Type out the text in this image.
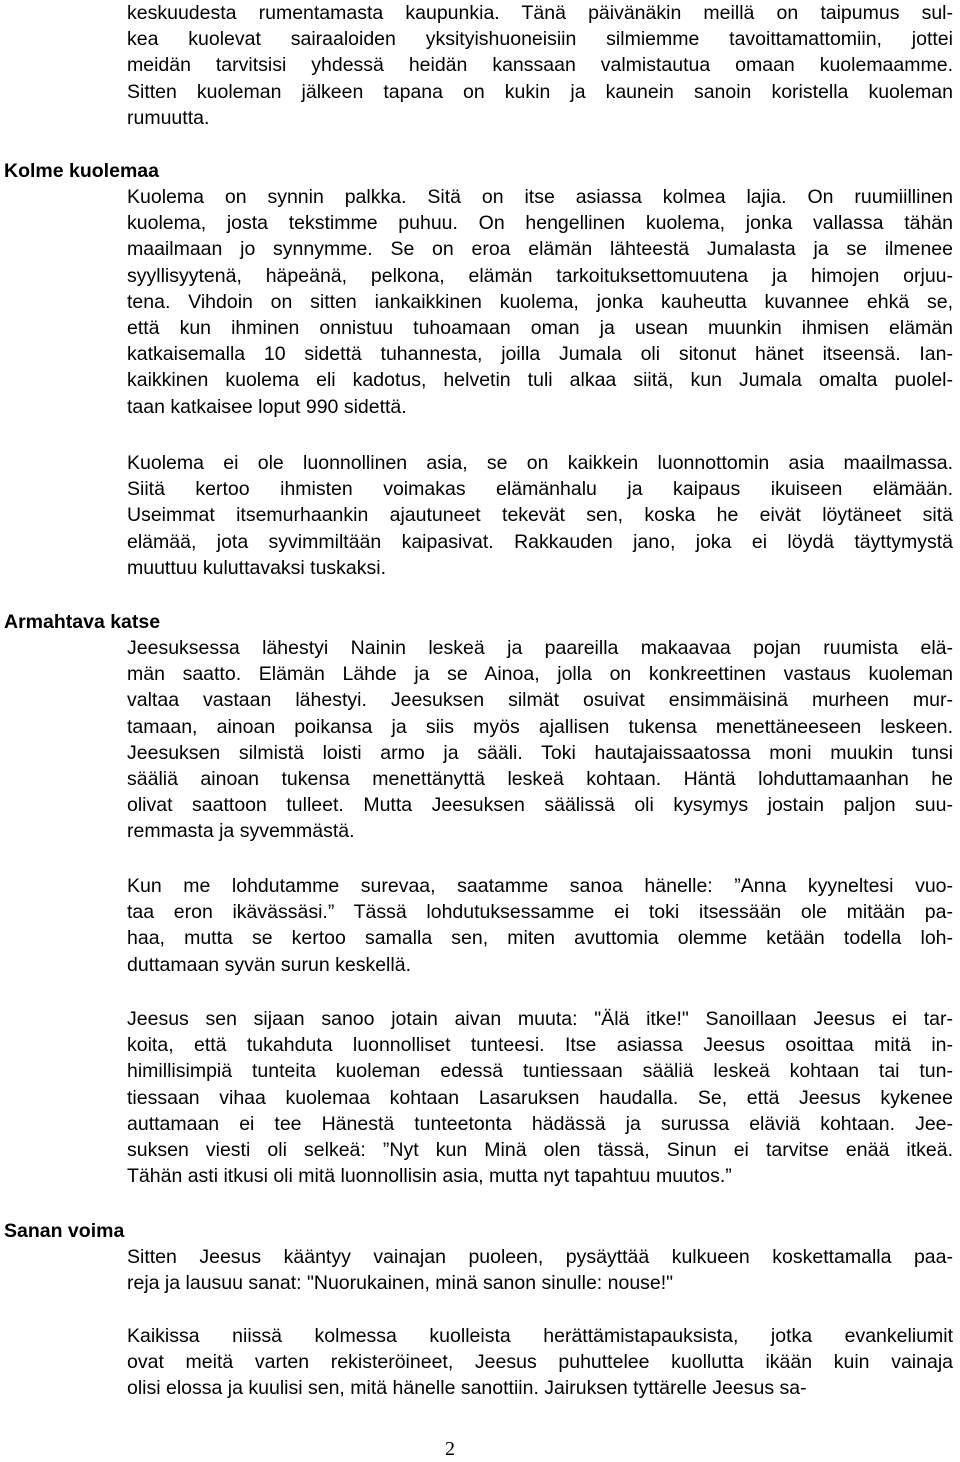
keskuudesta rumentamasta kaupunkia. Tänä päivänäkin meillä on taipumus sul-
kea kuolevat sairaaloiden yksityishuoneisiin silmiemme tavoittamattomiin, jottei
meidän tarvitsisi yhdessä heidän kanssaan valmistautua omaan kuolemaamme.
Sitten kuoleman jälkeen tapana on kukin ja kaunein sanoin koristella kuoleman
rumuutta.
Kolme kuolemaa
Kuolema on synnin palkka. Sitä on itse asiassa kolmea lajia. On ruumiillinen
kuolema, josta tekstimme puhuu. On hengellinen kuolema, jonka vallassa tähän
maailmaan jo synnymme. Se on eroa elämän lähteestä Jumalasta ja se ilmenee
syyllisyytenä, häpeänä, pelkona, elämän tarkoituksettomuutena ja himojen orjuu-
tena. Vihdoin on sitten iankaikkinen kuolema, jonka kauheutta kuvannee ehkä se,
että kun ihminen onnistuu tuhoamaan oman ja usean muunkin ihmisen elämän
katkaisemalla 10 sidettä tuhannesta, joilla Jumala oli sitonut hänet itseensä. Ian-
kaikkinen kuolema eli kadotus, helvetin tuli alkaa siitä, kun Jumala omalta puolel-
taan katkaisee loput 990 sidettä.
Kuolema ei ole luonnollinen asia, se on kaikkein luonnottomin asia maailmassa.
Siitä kertoo ihmisten voimakas elämänhalu ja kaipaus ikuiseen elämään.
Useimmat itsemurhaankin ajautuneet tekevät sen, koska he eivät löytäneet sitä
elämää, jota syvimmiltään kaipasivat. Rakkauden jano, joka ei löydä täyttymystä
muuttuu kuluttavaksi tuskaksi.
Armahtava katse
Jeesuksessa lähestyi Nainin leskeä ja paareilla makaavaa pojan ruumista elä-
män saatto. Elämän Lähde ja se Ainoa, jolla on konkreettinen vastaus kuoleman
valtaa vastaan lähestyi. Jeesuksen silmät osuivat ensimmäisinä murheen mur-
tamaan, ainoan poikansa ja siis myös ajallisen tukensa menettäneeseen leskeen.
Jeesuksen silmistä loisti armo ja sääli. Toki hautajaissaatossa moni muukin tunsi
sääliä ainoan tukensa menettänyttä leskeä kohtaan. Häntä lohduttamaanhan he
olivat saattoon tulleet. Mutta Jeesuksen säälissä oli kysymys jostain paljon suu-
remmasta ja syvemmästä.
Kun me lohdutamme surevaa, saatamme sanoa hänelle: ”Anna kyyneltesi vuo-
taa eron ikävässäsi.” Tässä lohdutuksessamme ei toki itsessään ole mitään pa-
haa, mutta se kertoo samalla sen, miten avuttomia olemme ketään todella loh-
duttamaan syvän surun keskellä.
Jeesus sen sijaan sanoo jotain aivan muuta: "Älä itke!" Sanoillaan Jeesus ei tar-
koita, että tukahduta luonnolliset tunteesi. Itse asiassa Jeesus osoittaa mitä in-
himillisimpiä tunteita kuoleman edessä tuntiessaan sääliä leskeä kohtaan tai tun-
tiessaan vihaa kuolemaa kohtaan Lasaruksen haudalla. Se, että Jeesus kykenee
auttamaan ei tee Hänestä tunteetonta hädässä ja surussa eläviä kohtaan. Jee-
suksen viesti oli selkeä: ”Nyt kun Minä olen tässä, Sinun ei tarvitse enää itkeä.
Tähän asti itkusi oli mitä luonnollisin asia, mutta nyt tapahtuu muutos.”
Sanan voima
Sitten Jeesus kääntyy vainajan puoleen, pysäyttää kulkueen koskettamalla paa-
reja ja lausuu sanat: "Nuorukainen, minä sanon sinulle: nouse!"
Kaikissa niissä kolmessa kuolleista herättämistapauksista, jotka evankeliumit
ovat meitä varten rekisteröineet, Jeesus puhuttelee kuollutta ikään kuin vainaja
olisi elossa ja kuulisi sen, mitä hänelle sanottiin. Jairuksen tyttärelle Jeesus sa-
2
